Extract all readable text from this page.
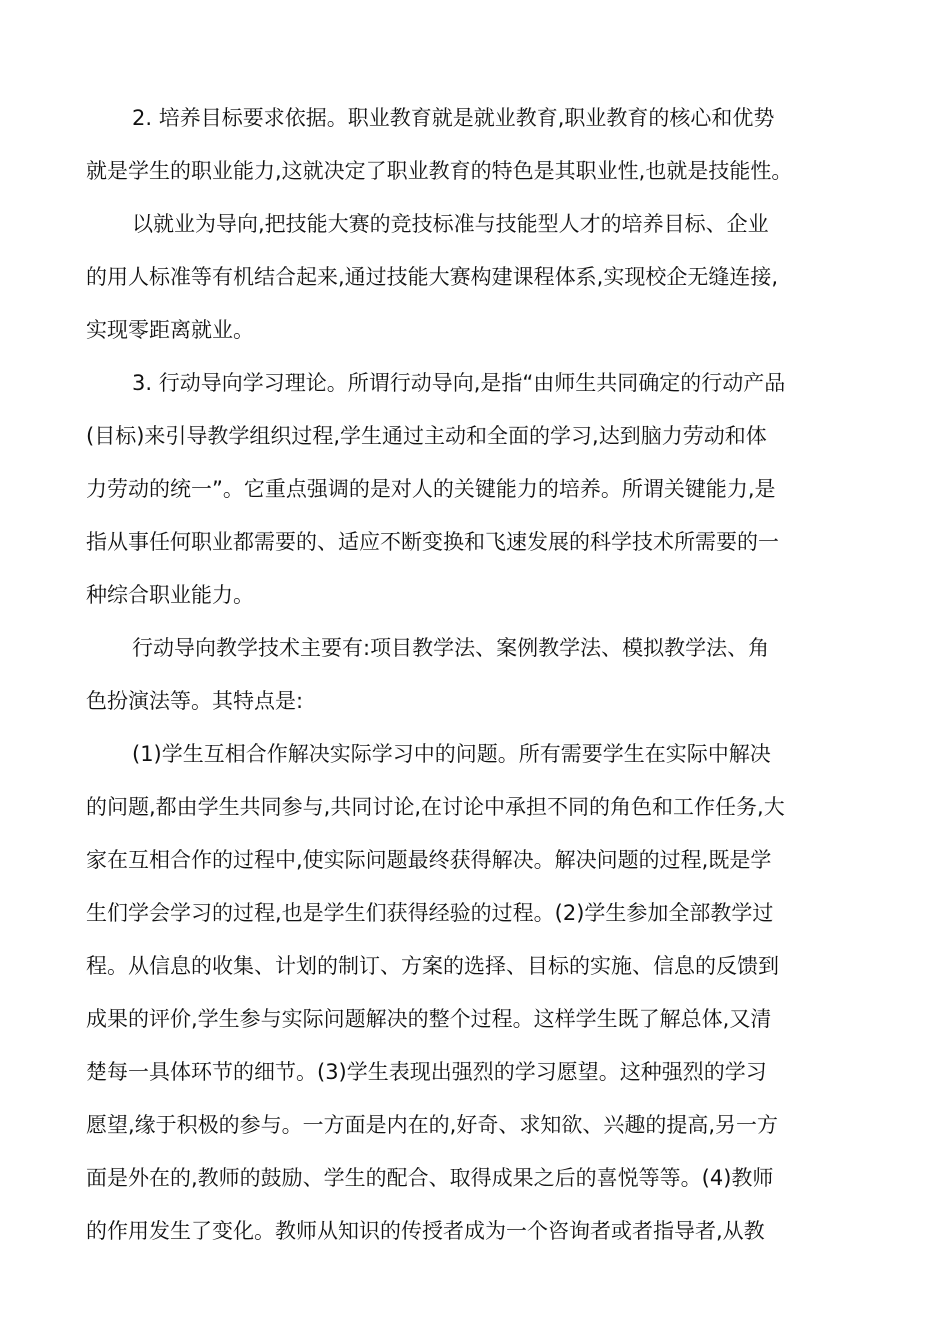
2. 培养目标要求依据。职业教育就是就业教育,职业教育的核心和优势
就是学生的职业能力,这就决定了职业教育的特色是其职业性,也就是技能性。
以就业为导向,把技能大赛的竞技标准与技能型人才的培养目标、企业
的用人标准等有机结合起来,通过技能大赛构建课程体系,实现校企无缝连接,
实现零距离就业。
3. 行动导向学习理论。所谓行动导向,是指“由师生共同确定的行动产品
(目标)来引导教学组织过程,学生通过主动和全面的学习,达到脑力劳动和体
力劳动的统一”。它重点强调的是对人的关键能力的培养。所谓关键能力,是
指从事任何职业都需要的、适应不断变换和飞速发展的科学技术所需要的一
种综合职业能力。
行动导向教学技术主要有:项目教学法、案例教学法、模拟教学法、角
色扮演法等。其特点是:
(1)学生互相合作解决实际学习中的问题。所有需要学生在实际中解决
的问题,都由学生共同参与,共同讨论,在讨论中承担不同的角色和工作任务,大
家在互相合作的过程中,使实际问题最终获得解决。解决问题的过程,既是学
生们学会学习的过程,也是学生们获得经验的过程。(2)学生参加全部教学过
程。从信息的收集、计划的制订、方案的选择、目标的实施、信息的反馈到
成果的评价,学生参与实际问题解决的整个过程。这样学生既了解总体,又清
楚每一具体环节的细节。(3)学生表现出强烈的学习愿望。这种强烈的学习
愿望,缘于积极的参与。一方面是内在的,好奇、求知欲、兴趣的提高,另一方
面是外在的,教师的鼓励、学生的配合、取得成果之后的喜悦等等。(4)教师
的作用发生了变化。教师从知识的传授者成为一个咨询者或者指导者,从教
